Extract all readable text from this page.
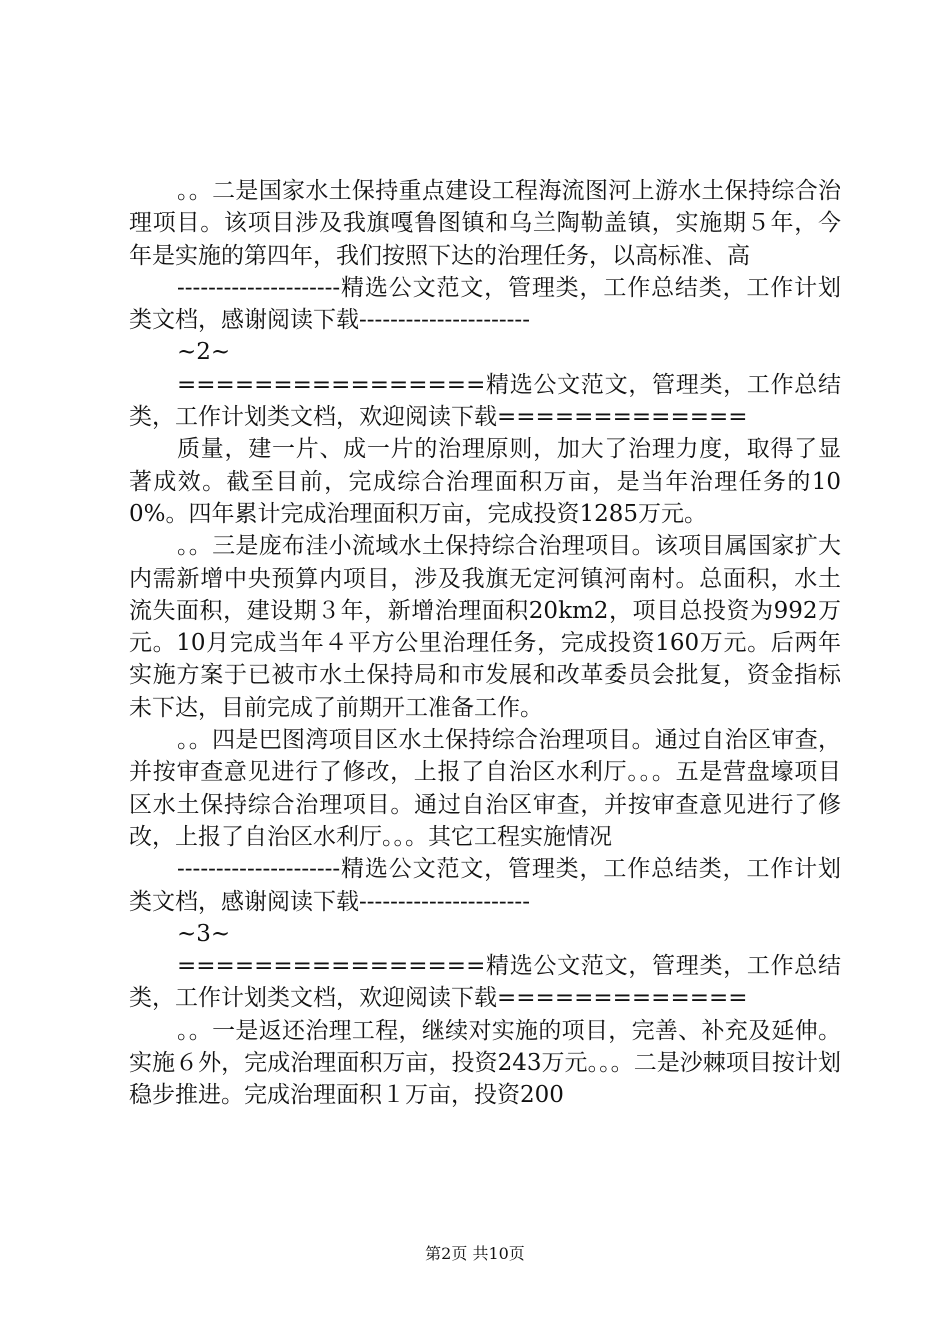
。。二是国家水土保持重点建设工程海流图河上游水土保持综合治理项目。该项目涉及我旗嘎鲁图镇和乌兰陶勒盖镇，实施期５年，今年是实施的第四年，我们按照下达的治理任务，以高标准、高

---------------------精选公文范文，管理类，工作总结类，工作计划类文档，感谢阅读下载----------------------

~2~

================精选公文范文，管理类，工作总结类，工作计划类文档，欢迎阅读下载=============

质量，建一片、成一片的治理原则，加大了治理力度，取得了显著成效。截至目前，完成综合治理面积万亩，是当年治理任务的100%。四年累计完成治理面积万亩，完成投资1285万元。

。。三是庞布洼小流域水土保持综合治理项目。该项目属国家扩大内需新增中央预算内项目，涉及我旗无定河镇河南村。总面积，水土流失面积，建设期３年，新增治理面积20km2，项目总投资为992万元。10月完成当年４平方公里治理任务，完成投资160万元。后两年实施方案于已被市水土保持局和市发展和改革委员会批复，资金指标未下达，目前完成了前期开工准备工作。

。。四是巴图湾项目区水土保持综合治理项目。通过自治区审查，并按审查意见进行了修改，上报了自治区水利厅。。。五是营盘壕项目区水土保持综合治理项目。通过自治区审查，并按审查意见进行了修改，上报了自治区水利厅。。。其它工程实施情况

---------------------精选公文范文，管理类，工作总结类，工作计划类文档，感谢阅读下载----------------------

~3~

================精选公文范文，管理类，工作总结类，工作计划类文档，欢迎阅读下载=============

。。一是返还治理工程，继续对实施的项目，完善、补充及延伸。实施６外，完成治理面积万亩，投资243万元。。。二是沙棘项目按计划稳步推进。完成治理面积１万亩，投资200

第2页 共10页
